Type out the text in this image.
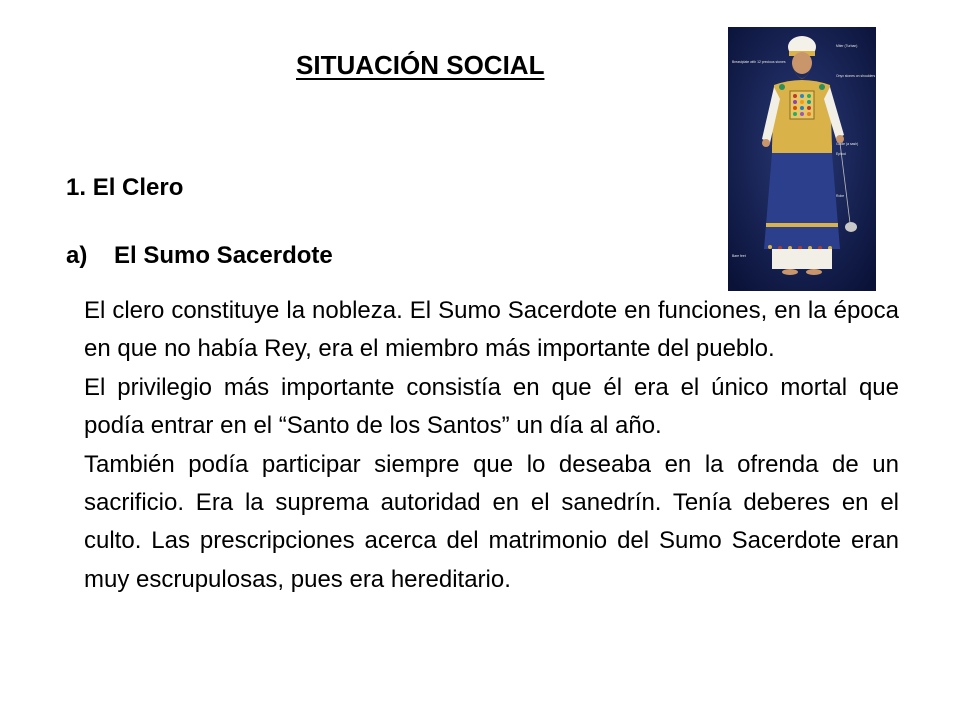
SITUACIÓN SOCIAL
1. El Clero
a) El Sumo Sacerdote

El clero constituye la nobleza. El Sumo Sacerdote en funciones, en la época en que no había Rey, era el miembro más importante del pueblo.

El privilegio más importante consistía en que él era el único mortal que podía entrar en el “Santo de los Santos” un día al año.

También podía participar siempre que lo deseaba en la ofrenda de un sacrificio. Era la suprema autoridad en el sanedrín. Tenía deberes en el culto. Las prescripciones acerca del matrimonio del Sumo Sacerdote eran muy escrupulosas, pues era hereditario.

Breastplate with 12 precious stones
Miter (Turban)
Onyx stones on shoulders
Girdle (a sash)
Ephod
Robe
Bare feet
